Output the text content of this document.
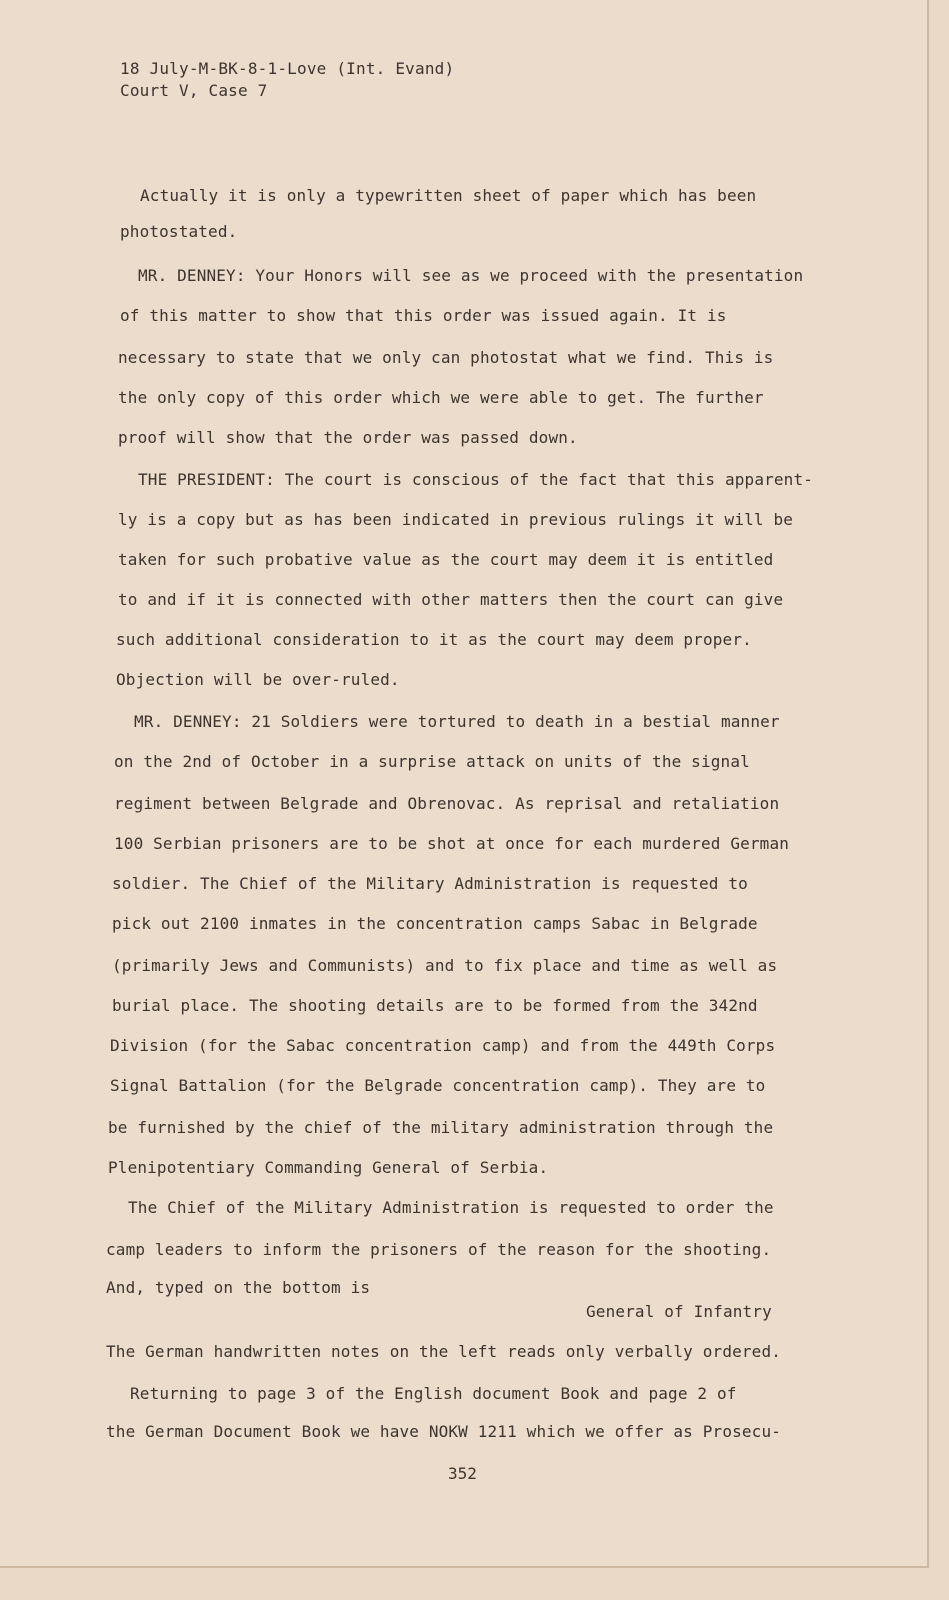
18 July-M-BK-8-1-Love (Int. Evand)
Court V, Case 7
Actually it is only a typewritten sheet of paper which has been
photostated.
MR. DENNEY: Your Honors will see as we proceed with the presentation
of this matter to show that this order was issued again. It is
necessary to state that we only can photostat what we find. This is
the only copy of this order which we were able to get. The further
proof will show that the order was passed down.
THE PRESIDENT: The court is conscious of the fact that this apparent-
ly is a copy but as has been indicated in previous rulings it will be
taken for such probative value as the court may deem it is entitled
to and if it is connected with other matters then the court can give
such additional consideration to it as the court may deem proper.
Objection will be over-ruled.
MR. DENNEY: 21 Soldiers were tortured to death in a bestial manner
on the 2nd of October in a surprise attack on units of the signal
regiment between Belgrade and Obrenovac. As reprisal and retaliation
100 Serbian prisoners are to be shot at once for each murdered German
soldier. The Chief of the Military Administration is requested to
pick out 2100 inmates in the concentration camps Sabac in Belgrade
(primarily Jews and Communists) and to fix place and time as well as
burial place. The shooting details are to be formed from the 342nd
Division (for the Sabac concentration camp) and from the 449th Corps
Signal Battalion (for the Belgrade concentration camp). They are to
be furnished by the chief of the military administration through the
Plenipotentiary Commanding General of Serbia.
The Chief of the Military Administration is requested to order the
camp leaders to inform the prisoners of the reason for the shooting.
And, typed on the bottom is
General of Infantry
The German handwritten notes on the left reads only verbally ordered.
Returning to page 3 of the English document Book and page 2 of
the German Document Book we have NOKW 1211 which we offer as Prosecu-
352
